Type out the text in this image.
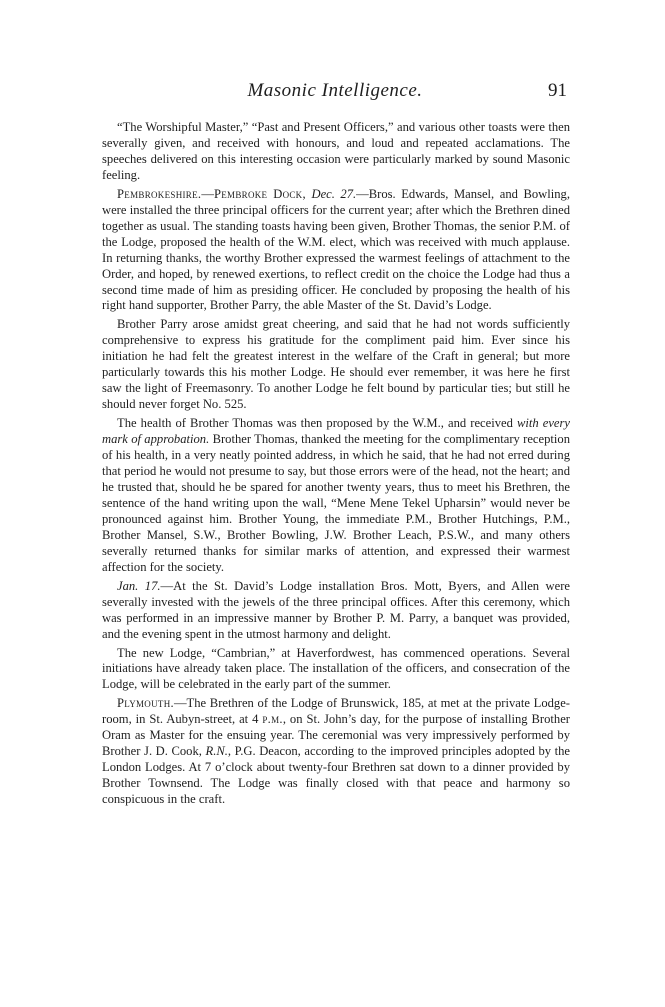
Masonic Intelligence.	91

“The Worshipful Master,” “Past and Present Officers,” and various other toasts were then severally given, and received with honours, and loud and repeated acclamations. The speeches delivered on this interesting occasion were particularly marked by sound Masonic feeling.

Pembrokeshire.—Pembroke Dock, Dec. 27.—Bros. Edwards, Mansel, and Bowling, were installed the three principal officers for the current year; after which the Brethren dined together as usual. The standing toasts having been given, Brother Thomas, the senior P.M. of the Lodge, proposed the health of the W.M. elect, which was received with much applause. In returning thanks, the worthy Brother expressed the warmest feelings of attachment to the Order, and hoped, by renewed exertions, to reflect credit on the choice the Lodge had thus a second time made of him as presiding officer. He concluded by proposing the health of his right hand supporter, Brother Parry, the able Master of the St. David’s Lodge.

Brother Parry arose amidst great cheering, and said that he had not words sufficiently comprehensive to express his gratitude for the compliment paid him. Ever since his initiation he had felt the greatest interest in the welfare of the Craft in general; but more particularly towards this his mother Lodge. He should ever remember, it was here he first saw the light of Freemasonry. To another Lodge he felt bound by particular ties; but still he should never forget No. 525.

The health of Brother Thomas was then proposed by the W.M., and received with every mark of approbation. Brother Thomas, thanked the meeting for the complimentary reception of his health, in a very neatly pointed address, in which he said, that he had not erred during that period he would not presume to say, but those errors were of the head, not the heart; and he trusted that, should he be spared for another twenty years, thus to meet his Brethren, the sentence of the hand writing upon the wall, “Mene Mene Tekel Upharsin” would never be pronounced against him. Brother Young, the immediate P.M., Brother Hutchings, P.M., Brother Mansel, S.W., Brother Bowling, J.W. Brother Leach, P.S.W., and many others severally returned thanks for similar marks of attention, and expressed their warmest affection for the society.

Jan. 17.—At the St. David’s Lodge installation Bros. Mott, Byers, and Allen were severally invested with the jewels of the three principal offices. After this ceremony, which was performed in an impressive manner by Brother P. M. Parry, a banquet was provided, and the evening spent in the utmost harmony and delight.

The new Lodge, “Cambrian,” at Haverfordwest, has commenced operations. Several initiations have already taken place. The installation of the officers, and consecration of the Lodge, will be celebrated in the early part of the summer.

Plymouth.—The Brethren of the Lodge of Brunswick, 185, at met at the private Lodge-room, in St. Aubyn-street, at 4 p.m., on St. John’s day, for the purpose of installing Brother Oram as Master for the ensuing year. The ceremonial was very impressively performed by Brother J. D. Cook, R.N., P.G. Deacon, according to the improved principles adopted by the London Lodges. At 7 o’clock about twenty-four Brethren sat down to a dinner provided by Brother Townsend. The Lodge was finally closed with that peace and harmony so conspicuous in the craft.
